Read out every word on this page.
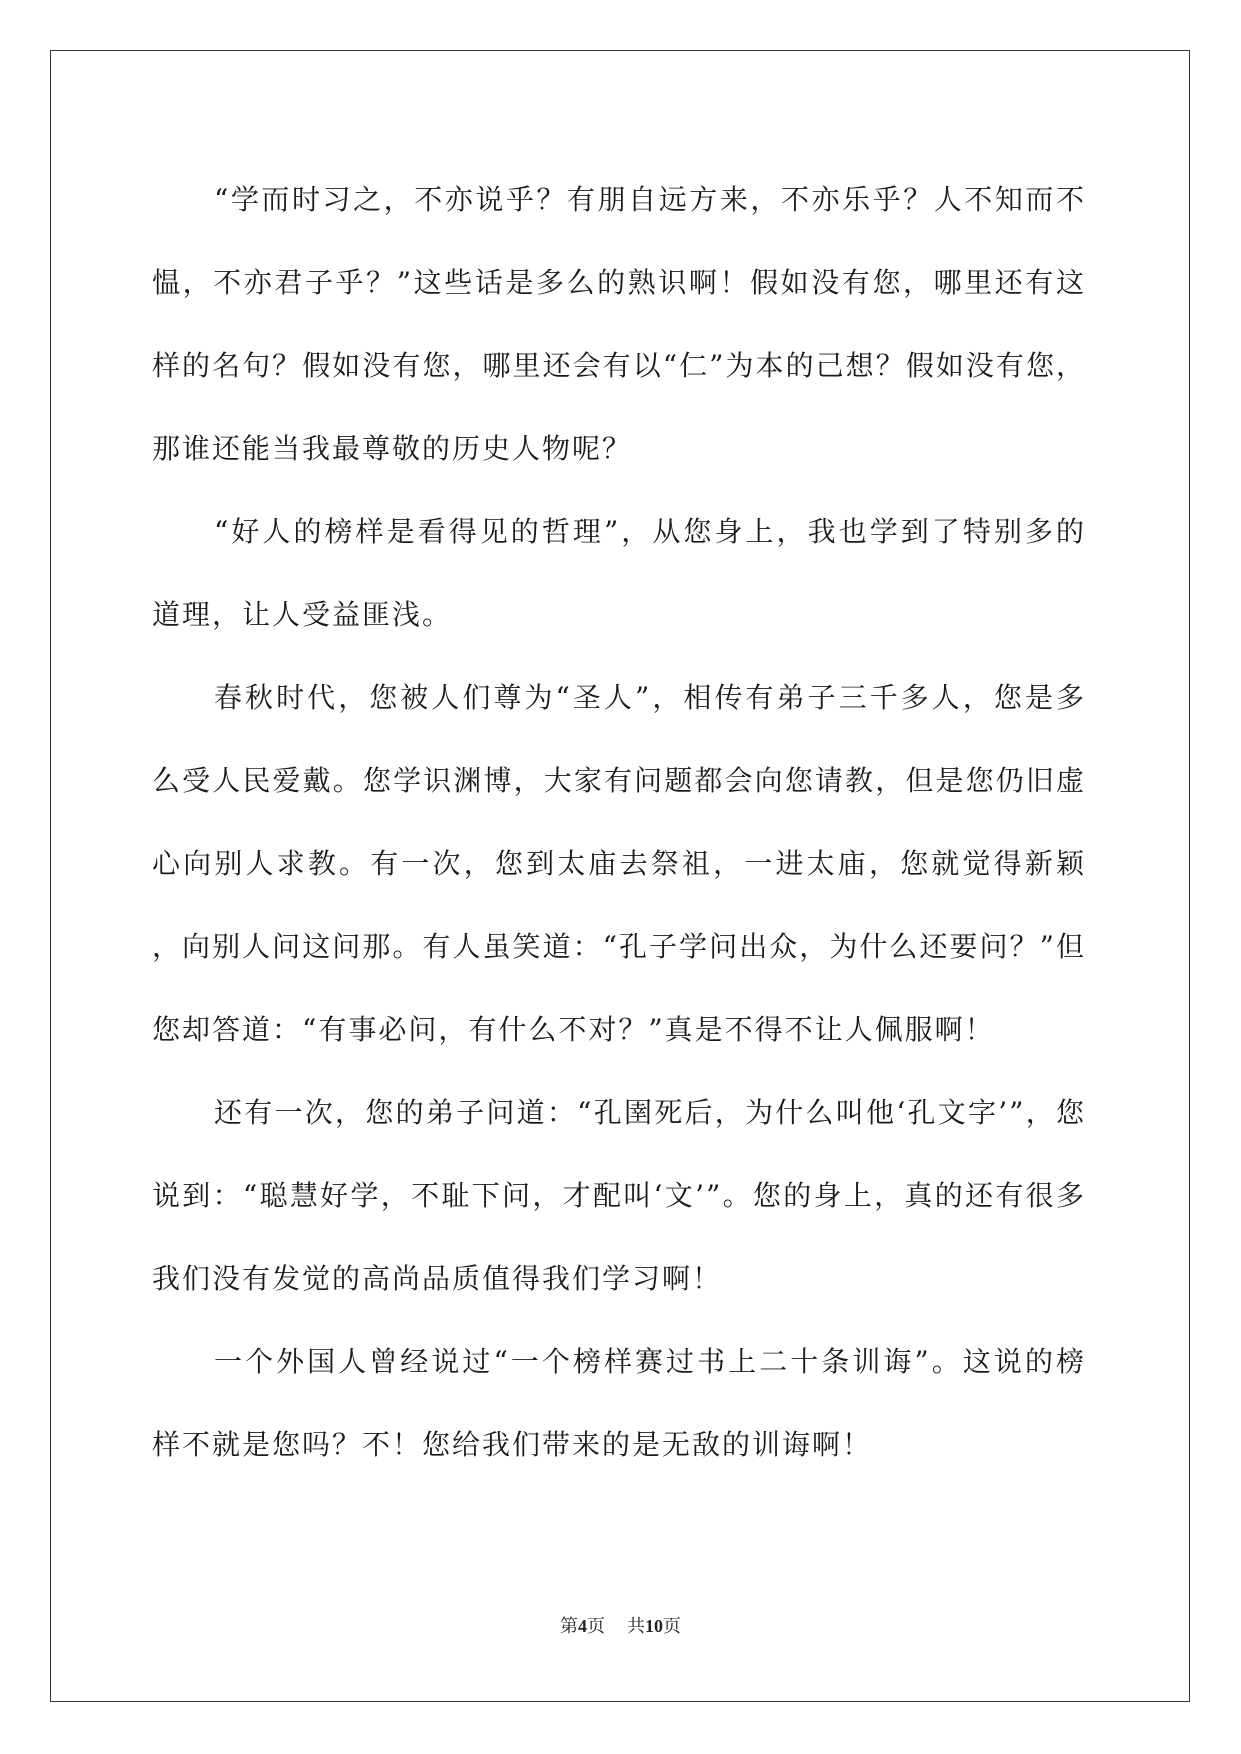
“学而时习之，不亦说乎？有朋自远方来，不亦乐乎？人不知而不愠，不亦君子乎？”这些话是多么的熟识啊！假如没有您，哪里还有这样的名句？假如没有您，哪里还会有以“仁”为本的己想？假如没有您，那谁还能当我最尊敬的历史人物呢？

“好人的榜样是看得见的哲理”，从您身上，我也学到了特别多的道理，让人受益匪浅。

春秋时代，您被人们尊为“圣人”，相传有弟子三千多人，您是多么受人民爱戴。您学识渊博，大家有问题都会向您请教，但是您仍旧虚心向别人求教。有一次，您到太庙去祭祖，一进太庙，您就觉得新颖 ，向别人问这问那。有人虽笑道：“孔子学问出众，为什么还要问？”但您却答道：“有事必问，有什么不对？”真是不得不让人佩服啊！

还有一次，您的弟子问道：“孔圉死后，为什么叫他‘孔文字’”，您说到：“聪慧好学，不耻下问，才配叫‘文’”。您的身上，真的还有很多我们没有发觉的高尚品质值得我们学习啊！

一个外国人曾经说过“一个榜样赛过书上二十条训诲”。这说的榜样不就是您吗？不！您给我们带来的是无敌的训诲啊！

第4页 共10页
